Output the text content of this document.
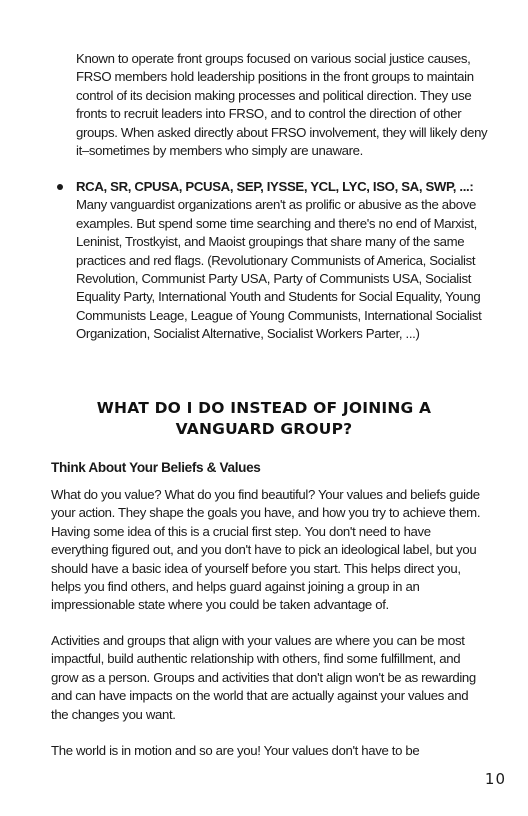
Known to operate front groups focused on various social justice causes, FRSO members hold leadership positions in the front groups to maintain control of its decision making processes and political direction. They use fronts to recruit leaders into FRSO, and to control the direction of other groups. When asked directly about FRSO involvement, they will likely deny it–sometimes by members who simply are unaware.

RCA, SR, CPUSA, PCUSA, SEP, IYSSE, YCL, LYC, ISO, SA, SWP, ...: Many vanguardist organizations aren't as prolific or abusive as the above examples. But spend some time searching and there's no end of Marxist, Leninist, Trostkyist, and Maoist groupings that share many of the same practices and red flags. (Revolutionary Communists of America, Socialist Revolution, Communist Party USA, Party of Communists USA, Socialist Equality Party, International Youth and Students for Social Equality, Young Communists Leage, League of Young Communists, International Socialist Organization, Socialist Alternative, Socialist Workers Parter, ...)

WHAT DO I DO INSTEAD OF JOINING A
VANGUARD GROUP?
Think About Your Beliefs & Values

What do you value? What do you find beautiful? Your values and beliefs guide your action. They shape the goals you have, and how you try to achieve them. Having some idea of this is a crucial first step. You don't need to have everything figured out, and you don't have to pick an ideological label, but you should have a basic idea of yourself before you start. This helps direct you, helps you find others, and helps guard against joining a group in an impressionable state where you could be taken advantage of.

Activities and groups that align with your values are where you can be most impactful, build authentic relationship with others, find some fulfillment, and grow as a person. Groups and activities that don't align won't be as rewarding and can have impacts on the world that are actually against your values and the changes you want.

The world is in motion and so are you! Your values don't have to be

10
